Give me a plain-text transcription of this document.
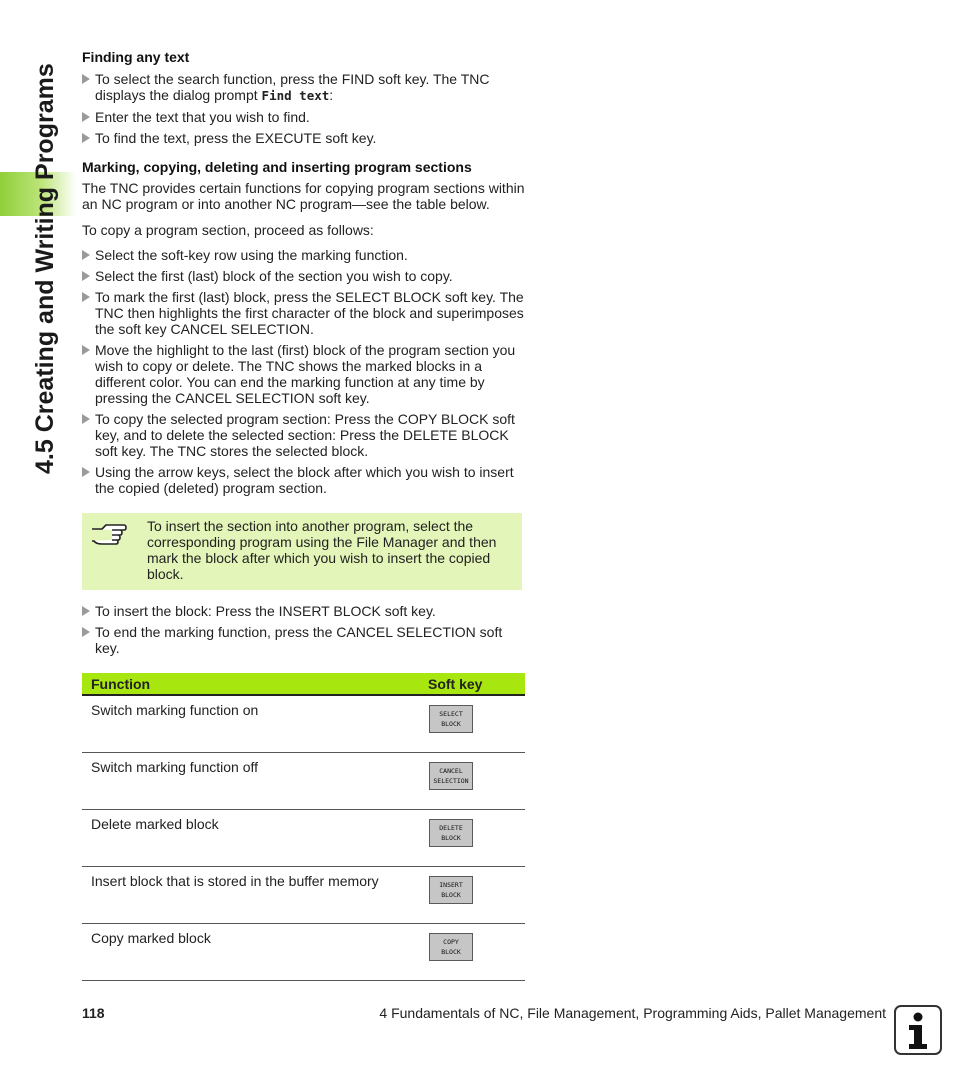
4.5 Creating and Writing Programs
Finding any text
To select the search function, press the FIND soft key. The TNC displays the dialog prompt Find text:
Enter the text that you wish to find.
To find the text, press the EXECUTE soft key.
Marking, copying, deleting and inserting program sections

The TNC provides certain functions for copying program sections within an NC program or into another NC program—see the table below.

To copy a program section, proceed as follows:

Select the soft-key row using the marking function.
Select the first (last) block of the section you wish to copy.
To mark the first (last) block, press the SELECT BLOCK soft key. The TNC then highlights the first character of the block and superimposes the soft key CANCEL SELECTION.
Move the highlight to the last (first) block of the program section you wish to copy or delete. The TNC shows the marked blocks in a different color. You can end the marking function at any time by pressing the CANCEL SELECTION soft key.
To copy the selected program section: Press the COPY BLOCK soft key, and to delete the selected section: Press the DELETE BLOCK soft key. The TNC stores the selected block.
Using the arrow keys, select the block after which you wish to insert the copied (deleted) program section.

To insert the section into another program, select the corresponding program using the File Manager and then mark the block after which you wish to insert the copied block.

To insert the block: Press the INSERT BLOCK soft key.
To end the marking function, press the CANCEL SELECTION soft key.
Function	Soft key
Switch marking function on	SELECT
BLOCK

Switch marking function off	CANCEL
SELECTION

Delete marked block	DELETE
BLOCK

Insert block that is stored in the buffer memory	INSERT
BLOCK

Copy marked block	COPY
BLOCK
118	4 Fundamentals of NC, File Management, Programming Aids, Pallet Management
